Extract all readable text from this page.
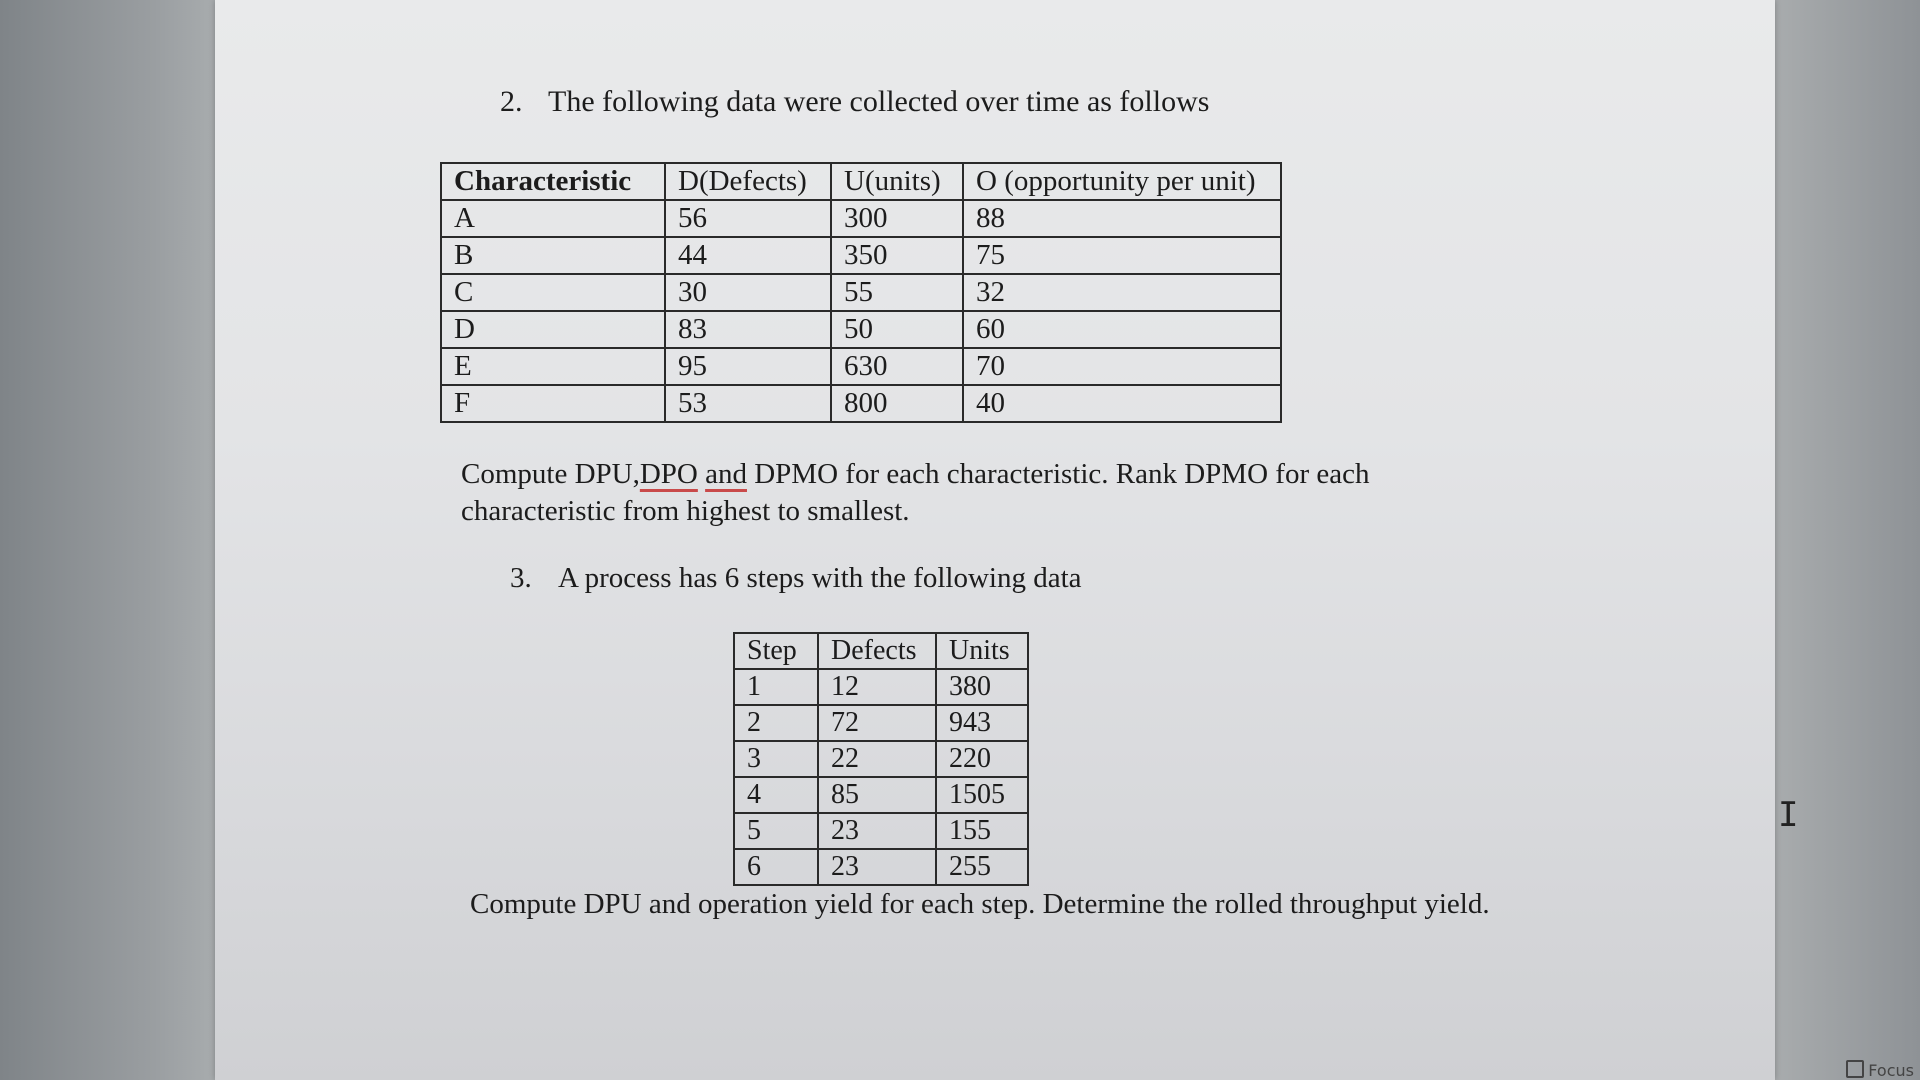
2. The following data were collected over time as follows
Characteristic	D(Defects)	U(units)	O (opportunity per unit)
A	56	300	88
B	44	350	75
C	30	55	32
D	83	50	60
E	95	630	70
F	53	800	40
Compute DPU,DPO and DPMO for each characteristic. Rank DPMO for each
characteristic from highest to smallest.
3. A process has 6 steps with the following data
Step	Defects	Units
1	12	380
2	72	943
3	22	220
4	85	1505
5	23	155
6	23	255
Compute DPU and operation yield for each step. Determine the rolled throughput yield.
I
Focus
